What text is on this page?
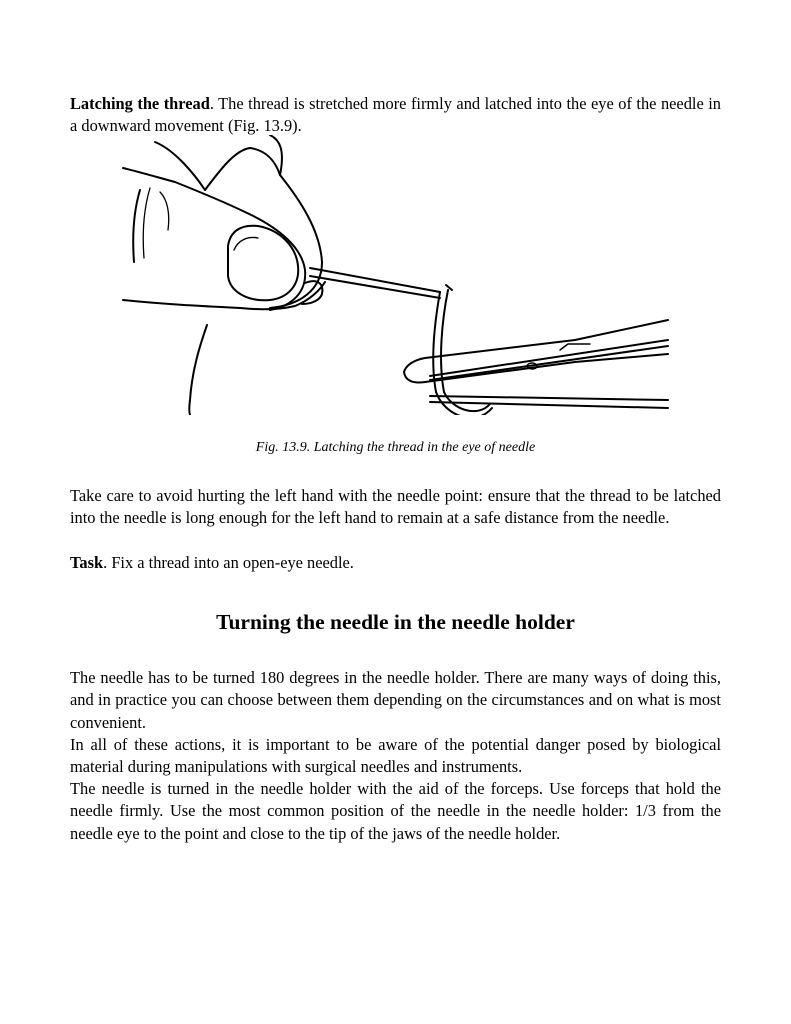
Latching the thread. The thread is stretched more firmly and latched into the eye of the needle in a downward movement (Fig. 13.9).

Fig. 13.9. Latching the thread in the eye of needle

Take care to avoid hurting the left hand with the needle point: ensure that the thread to be latched into the needle is long enough for the left hand to remain at a safe distance from the needle.

Task. Fix a thread into an open-eye needle.

Turning the needle in the needle holder

The needle has to be turned 180 degrees in the needle holder. There are many ways of doing this, and in practice you can choose between them depending on the circumstances and on what is most convenient.

In all of these actions, it is important to be aware of the potential danger posed by biological material during manipulations with surgical needles and instruments.

The needle is turned in the needle holder with the aid of the forceps. Use forceps that hold the needle firmly. Use the most common position of the needle in the needle holder: 1/3 from the needle eye to the point and close to the tip of the jaws of the needle holder.
